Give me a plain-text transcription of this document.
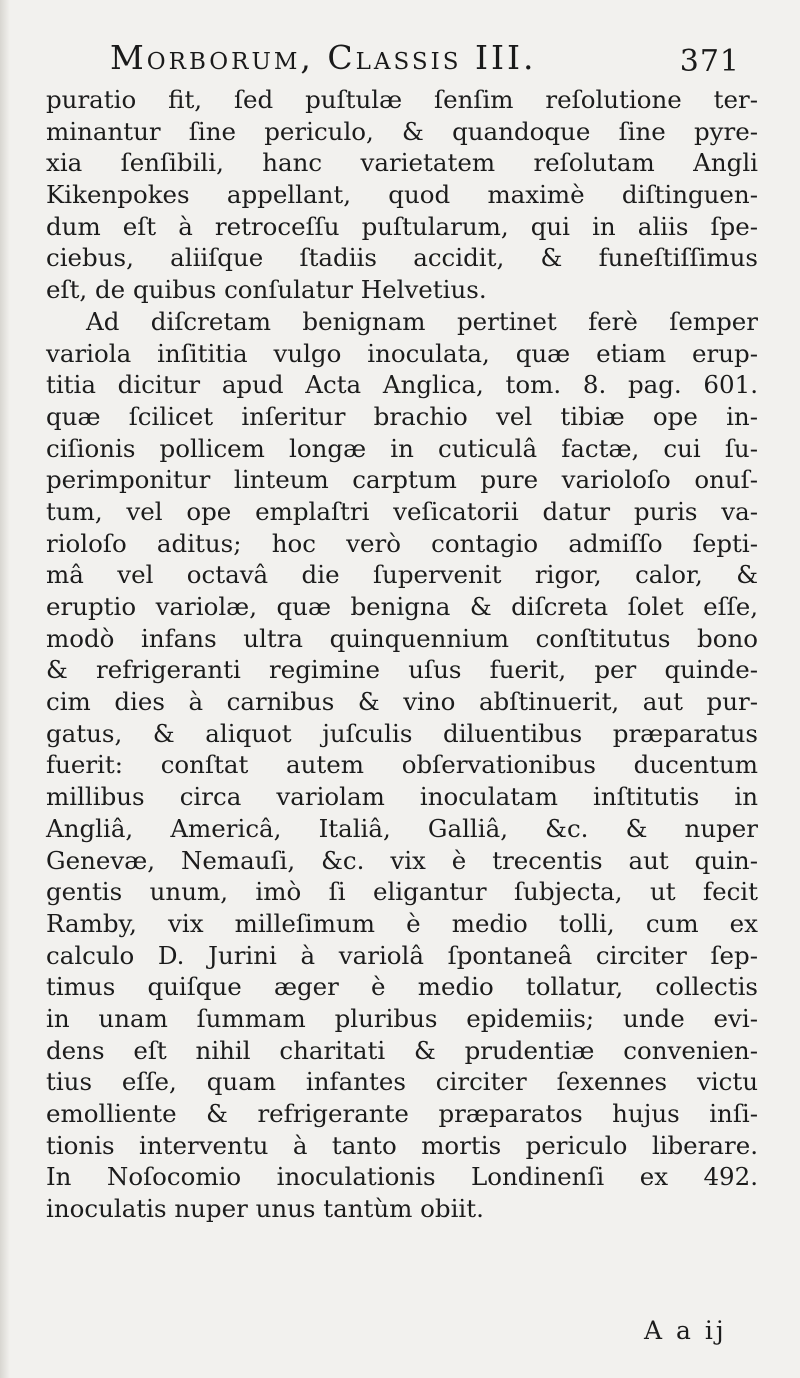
Morborum, Classis III.	371
puratio fit, ſed puſtulæ ſenſim reſolutione ter-
minantur ſine periculo, & quandoque ſine pyre-
xia ſenſibili, hanc varietatem reſolutam Angli
Kikenpokes appellant, quod maximè diſtinguen-
dum eſt à retroceſſu puſtularum, qui in aliis ſpe-
ciebus, aliiſque ſtadiis accidit, & funeſtiſſimus
eſt, de quibus conſulatur Helvetius.
Ad diſcretam benignam pertinet ferè ſemper
variola inſititia vulgo inoculata, quæ etiam erup-
titia dicitur apud Acta Anglica, tom. 8. pag. 601.
quæ ſcilicet inſeritur brachio vel tibiæ ope in-
ciſionis pollicem longæ in cuticulâ factæ, cui ſu-
perimponitur linteum carptum pure varioloſo onuſ-
tum, vel ope emplaſtri veſicatorii datur puris va-
rioloſo aditus; hoc verò contagio admiſſo ſepti-
mâ vel octavâ die ſupervenit rigor, calor, &
eruptio variolæ, quæ benigna & diſcreta ſolet eſſe,
modò infans ultra quinquennium conſtitutus bono
& refrigeranti regimine uſus fuerit, per quinde-
cim dies à carnibus & vino abſtinuerit, aut pur-
gatus, & aliquot juſculis diluentibus præparatus
fuerit: conſtat autem obſervationibus ducentum
millibus circa variolam inoculatam inſtitutis in
Angliâ, Americâ, Italiâ, Galliâ, &c. & nuper
Genevæ, Nemauſi, &c. vix è trecentis aut quin-
gentis unum, imò ſi eligantur ſubjecta, ut fecit
Ramby, vix milleſimum è medio tolli, cum ex
calculo D. Jurini à variolâ ſpontaneâ circiter ſep-
timus quiſque æger è medio tollatur, collectis
in unam ſummam pluribus epidemiis; unde evi-
dens eſt nihil charitati & prudentiæ convenien-
tius eſſe, quam infantes circiter ſexennes victu
emolliente & refrigerante præparatos hujus inſi-
tionis interventu à tanto mortis periculo liberare.
In Noſocomio inoculationis Londinenſi ex 492.
inoculatis nuper unus tantùm obiit.
A a ij
